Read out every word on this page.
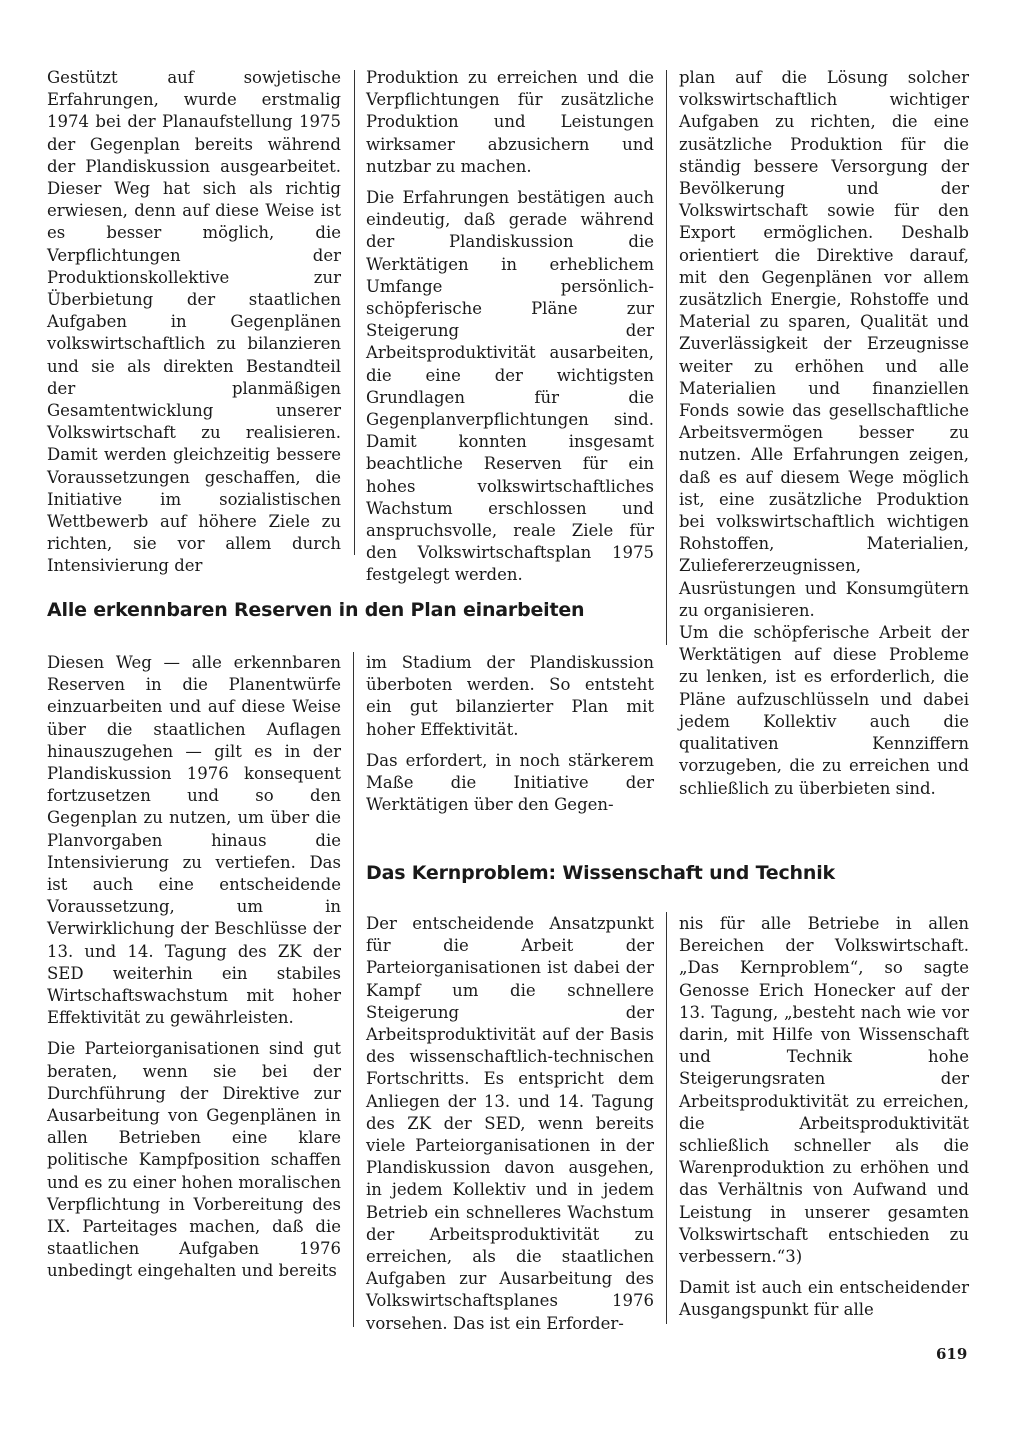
Gestützt auf sowjetische Erfahrungen, wurde erstmalig 1974 bei der Planaufstellung 1975 der Gegenplan bereits während der Plandiskussion ausgearbeitet. Dieser Weg hat sich als richtig erwiesen, denn auf diese Weise ist es besser möglich, die Verpflichtungen der Produktionskollektive zur Überbietung der staatlichen Aufgaben in Gegenplänen volkswirtschaftlich zu bilanzieren und sie als direkten Bestandteil der planmäßigen Gesamtentwicklung unserer Volkswirtschaft zu realisieren. Damit werden gleichzeitig bessere Voraussetzungen geschaffen, die Initiative im sozialistischen Wettbewerb auf höhere Ziele zu richten, sie vor allem durch Intensivierung der

Produktion zu erreichen und die Verpflichtungen für zusätzliche Produktion und Leistungen wirksamer abzusichern und nutzbar zu machen.

Die Erfahrungen bestätigen auch eindeutig, daß gerade während der Plandiskussion die Werktätigen in erheblichem Umfange persönlich-schöpferische Pläne zur Steigerung der Arbeitsproduktivität ausarbeiten, die eine der wichtigsten Grundlagen für die Gegenplanverpflichtungen sind. Damit konnten insgesamt beachtliche Reserven für ein hohes volkswirtschaftliches Wachstum erschlossen und anspruchsvolle, reale Ziele für den Volkswirtschaftsplan 1975 festgelegt werden.

plan auf die Lösung solcher volkswirtschaftlich wichtiger Aufgaben zu richten, die eine zusätzliche Produktion für die ständig bessere Versorgung der Bevölkerung und der Volkswirtschaft sowie für den Export ermöglichen. Deshalb orientiert die Direktive darauf, mit den Gegenplänen vor allem zusätzlich Energie, Rohstoffe und Material zu sparen, Qualität und Zuverlässigkeit der Erzeugnisse weiter zu erhöhen und alle Materialien und finanziellen Fonds sowie das gesellschaftliche Arbeitsvermögen besser zu nutzen. Alle Erfahrungen zeigen, daß es auf diesem Wege möglich ist, eine zusätzliche Produktion bei volkswirtschaftlich wichtigen Rohstoffen, Materialien, Zuliefererzeugnissen, Ausrüstungen und Konsumgütern zu organisieren.

Um die schöpferische Arbeit der Werktätigen auf diese Probleme zu lenken, ist es erforderlich, die Pläne aufzuschlüsseln und dabei jedem Kollektiv auch die qualitativen Kennziffern vorzugeben, die zu erreichen und schließlich zu überbieten sind.

Alle erkennbaren Reserven in den Plan einarbeiten

Diesen Weg — alle erkennbaren Reserven in die Planentwürfe einzuarbeiten und auf diese Weise über die staatlichen Auflagen hinauszugehen — gilt es in der Plandiskussion 1976 konsequent fortzusetzen und so den Gegenplan zu nutzen, um über die Planvorgaben hinaus die Intensivierung zu vertiefen. Das ist auch eine entscheidende Voraussetzung, um in Verwirklichung der Beschlüsse der 13. und 14. Tagung des ZK der SED weiterhin ein stabiles Wirtschaftswachstum mit hoher Effektivität zu gewährleisten.

Die Parteiorganisationen sind gut beraten, wenn sie bei der Durchführung der Direktive zur Ausarbeitung von Gegenplänen in allen Betrieben eine klare politische Kampfposition schaffen und es zu einer hohen moralischen Verpflichtung in Vorbereitung des IX. Parteitages machen, daß die staatlichen Aufgaben 1976 unbedingt eingehalten und bereits

im Stadium der Plandiskussion überboten werden. So entsteht ein gut bilanzierter Plan mit hoher Effektivität.

Das erfordert, in noch stärkerem Maße die Initiative der Werktätigen über den Gegen-

Das Kernproblem: Wissenschaft und Technik

Der entscheidende Ansatzpunkt für die Arbeit der Parteiorganisationen ist dabei der Kampf um die schnellere Steigerung der Arbeitsproduktivität auf der Basis des wissenschaftlich-technischen Fortschritts. Es entspricht dem Anliegen der 13. und 14. Tagung des ZK der SED, wenn bereits viele Parteiorganisationen in der Plandiskussion davon ausgehen, in jedem Kollektiv und in jedem Betrieb ein schnelleres Wachstum der Arbeitsproduktivität zu erreichen, als die staatlichen Aufgaben zur Ausarbeitung des Volkswirtschaftsplanes 1976 vorsehen. Das ist ein Erforder-

nis für alle Betriebe in allen Bereichen der Volkswirtschaft. „Das Kernproblem“, so sagte Genosse Erich Honecker auf der 13. Tagung, „besteht nach wie vor darin, mit Hilfe von Wissenschaft und Technik hohe Steigerungsraten der Arbeitsproduktivität zu erreichen, die Arbeitsproduktivität schließlich schneller als die Warenproduktion zu erhöhen und das Verhältnis von Aufwand und Leistung in unserer gesamten Volkswirtschaft entschieden zu verbessern.“3)

Damit ist auch ein entscheidender Ausgangspunkt für alle

619
